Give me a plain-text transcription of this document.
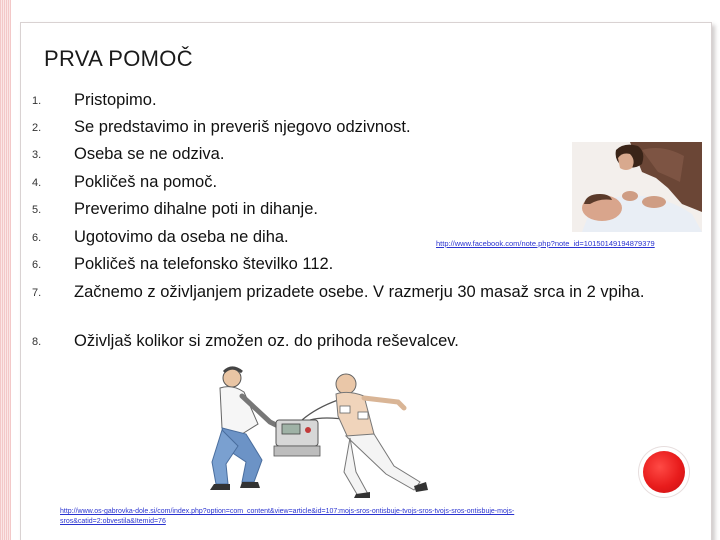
PRVA POMOČ
1.	Pristopimo.
2.	Se predstavimo in preveriš njegovo odzivnost.
3.	Oseba se ne odziva.
4.	Pokličeš na pomoč.
5.	Preverimo dihalne poti in dihanje.
6.	Ugotovimo da oseba ne diha.
6.	Pokličeš na telefonsko številko 112.
7.	Začnemo z oživljanjem prizadete osebe. V razmerju 30 masaž srca in 2 vpiha.
8.	Oživljaš kolikor si zmožen oz. do prihoda reševalcev.
http://www.facebook.com/note.php?note_id=10150149194879379
http://www.os-gabrovka-dole.si/com/index.php?option=com_content&view=article&id=107:mojs-sros-ontisbuje-tvojs-sros-tvojs-sros-ontisbuje-mojs-sros&catid=2:obvestila&Itemid=76
